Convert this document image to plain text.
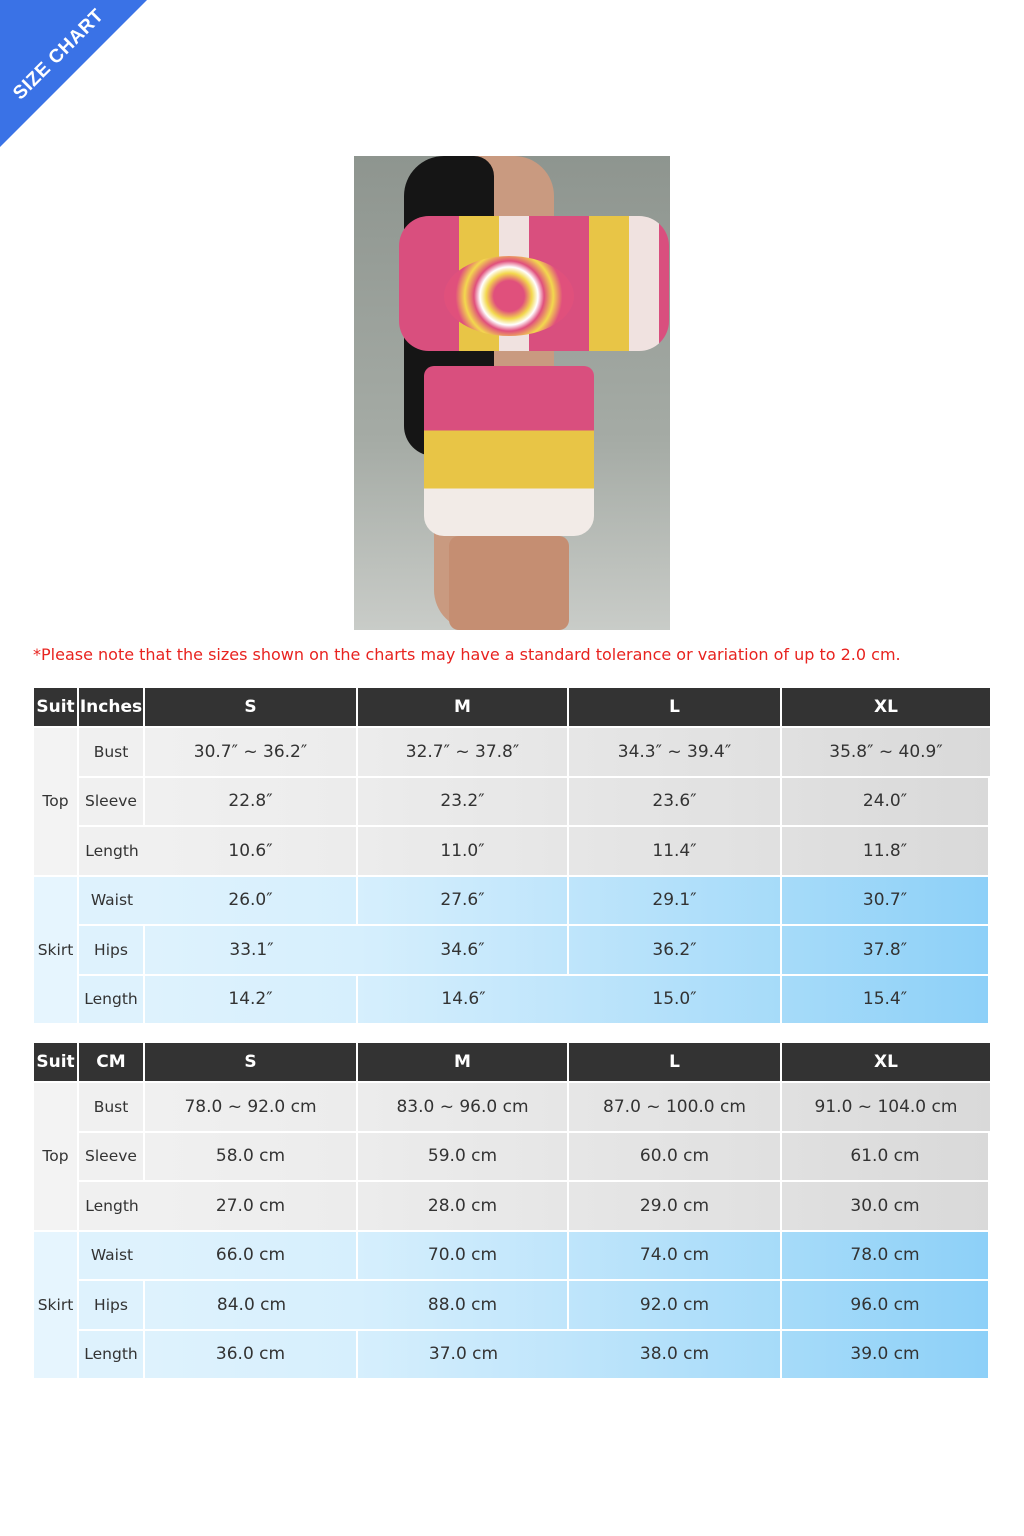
SIZE CHART
*Please note that the sizes shown on the charts may have a standard tolerance or variation of up to 2.0 cm.
Suit Inches	S	M	L	XL
Top
Bust	30.7″ ~ 36.2″	32.7″ ~ 37.8″	34.3″ ~ 39.4″	35.8″ ~ 40.9″
Sleeve	22.8″	23.2″	23.6″	24.0″
Length	10.6″	11.0″	11.4″	11.8″
Skirt
Waist	26.0″	27.6″	29.1″	30.7″
Hips	33.1″	34.6″	36.2″	37.8″
Length	14.2″	14.6″	15.0″	15.4″
Suit	CM	S	M	L	XL
Top
Bust	78.0 ~ 92.0 cm	83.0 ~ 96.0 cm	87.0 ~ 100.0 cm	91.0 ~ 104.0 cm
Sleeve	58.0 cm	59.0 cm	60.0 cm	61.0 cm
Length	27.0 cm	28.0 cm	29.0 cm	30.0 cm
Skirt
Waist	66.0 cm	70.0 cm	74.0 cm	78.0 cm
Hips	84.0 cm	88.0 cm	92.0 cm	96.0 cm
Length	36.0 cm	37.0 cm	38.0 cm	39.0 cm
